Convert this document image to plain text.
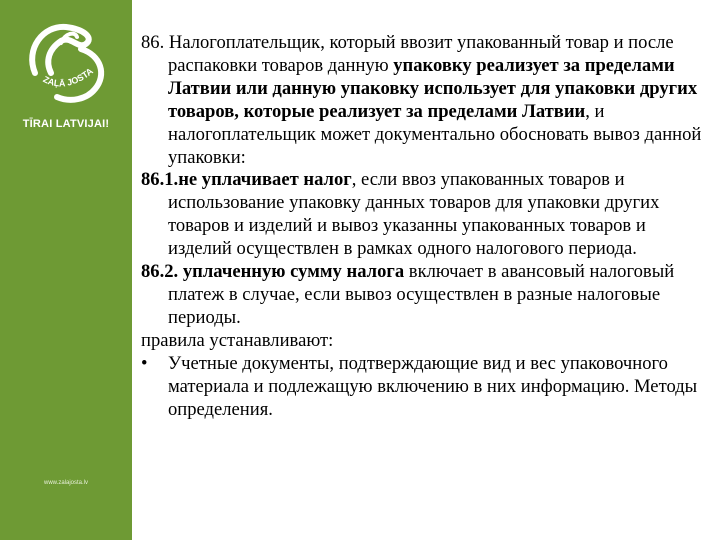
ZAĻĀ JOSTA
TĪRAI LATVIJAI!
www.zalajosta.lv

86. Налогоплательщик, который ввозит упакованный товар и после распаковки товаров данную упаковку реализует за пределами Латвии или данную упаковку использует для упаковки других товаров, которые реализует за пределами Латвии, и налогоплательщик может документально обосновать вывоз данной упаковки:

86.1.не уплачивает налог, если ввоз упакованных товаров и использование упаковку данных товаров для упаковки других товаров и изделий и вывоз указанны упакованных товаров и изделий осуществлен в рамках одного налогового периода.

86.2. уплаченную сумму налога включает в авансовый налоговый платеж в случае, если вывоз осуществлен в разные налоговые периоды.

правила устанавливают:

• Учетные документы, подтверждающие вид и вес упаковочного материала и подлежащую включению в них информацию. Методы определения.
